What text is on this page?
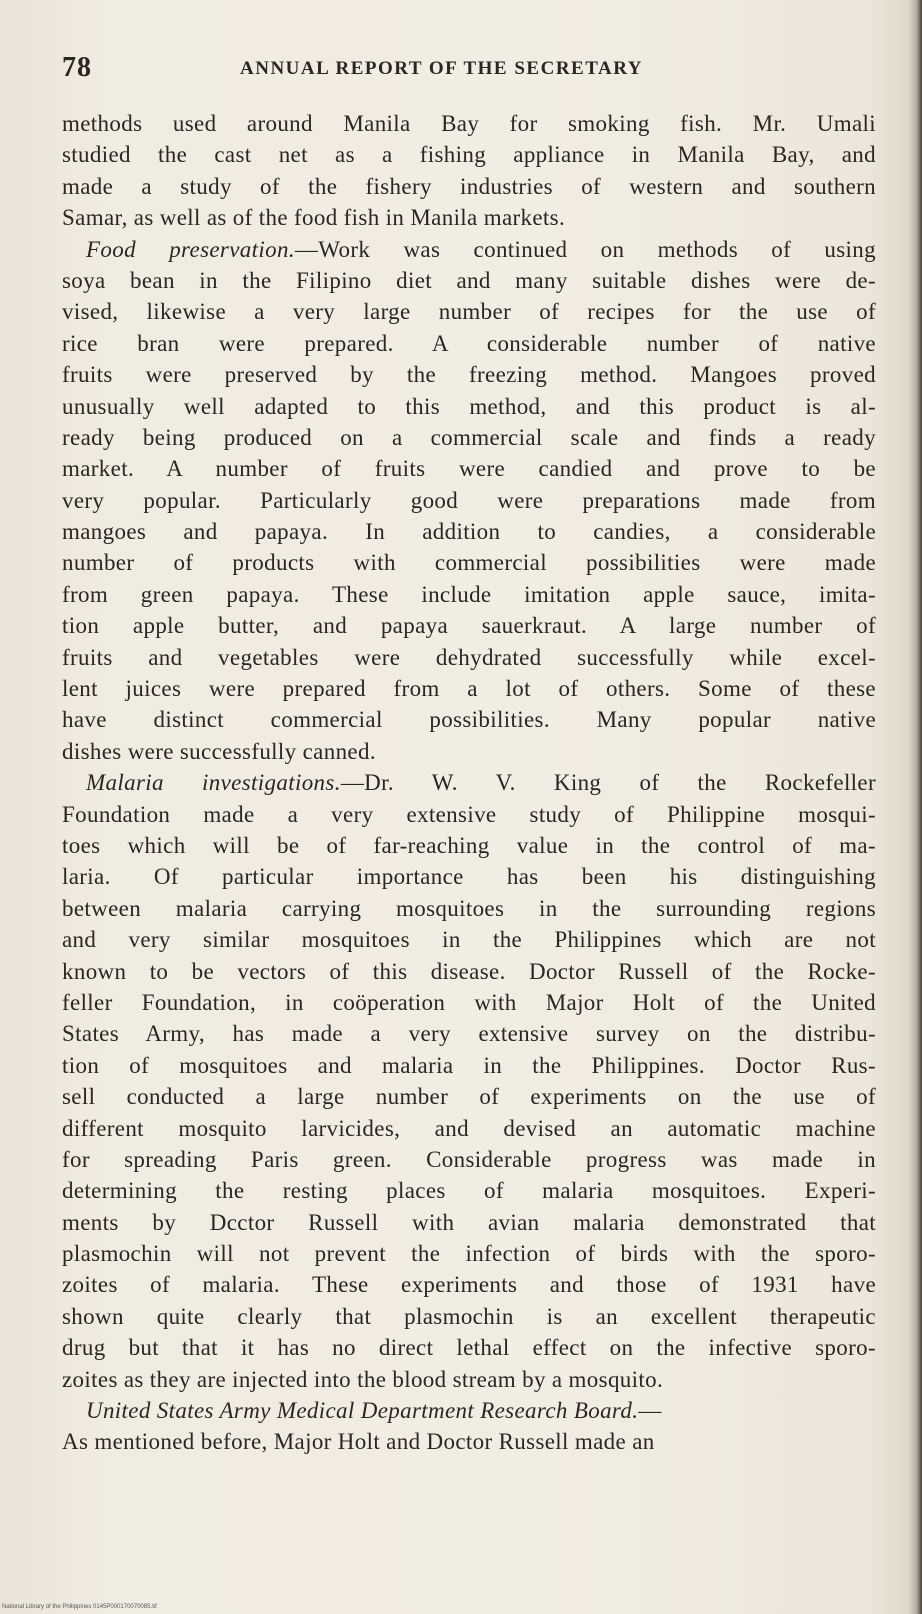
78	ANNUAL REPORT OF THE SECRETARY
methods used around Manila Bay for smoking fish. Mr. Umali
studied the cast net as a fishing appliance in Manila Bay, and
made a study of the fishery industries of western and southern
Samar, as well as of the food fish in Manila markets.
Food preservation.—Work was continued on methods of using
soya bean in the Filipino diet and many suitable dishes were de-
vised, likewise a very large number of recipes for the use of
rice bran were prepared. A considerable number of native
fruits were preserved by the freezing method. Mangoes proved
unusually well adapted to this method, and this product is al-
ready being produced on a commercial scale and finds a ready
market. A number of fruits were candied and prove to be
very popular. Particularly good were preparations made from
mangoes and papaya. In addition to candies, a considerable
number of products with commercial possibilities were made
from green papaya. These include imitation apple sauce, imita-
tion apple butter, and papaya sauerkraut. A large number of
fruits and vegetables were dehydrated successfully while excel-
lent juices were prepared from a lot of others. Some of these
have distinct commercial possibilities. Many popular native
dishes were successfully canned.
Malaria investigations.—Dr. W. V. King of the Rockefeller
Foundation made a very extensive study of Philippine mosqui-
toes which will be of far-reaching value in the control of ma-
laria. Of particular importance has been his distinguishing
between malaria carrying mosquitoes in the surrounding regions
and very similar mosquitoes in the Philippines which are not
known to be vectors of this disease. Doctor Russell of the Rocke-
feller Foundation, in coöperation with Major Holt of the United
States Army, has made a very extensive survey on the distribu-
tion of mosquitoes and malaria in the Philippines. Doctor Rus-
sell conducted a large number of experiments on the use of
different mosquito larvicides, and devised an automatic machine
for spreading Paris green. Considerable progress was made in
determining the resting places of malaria mosquitoes. Experi-
ments by Dcctor Russell with avian malaria demonstrated that
plasmochin will not prevent the infection of birds with the sporo-
zoites of malaria. These experiments and those of 1931 have
shown quite clearly that plasmochin is an excellent therapeutic
drug but that it has no direct lethal effect on the infective sporo-
zoites as they are injected into the blood stream by a mosquito.
United States Army Medical Department Research Board.—
As mentioned before, Major Holt and Doctor Russell made an
National Library of the Philippines 0145P000170070085.tif
